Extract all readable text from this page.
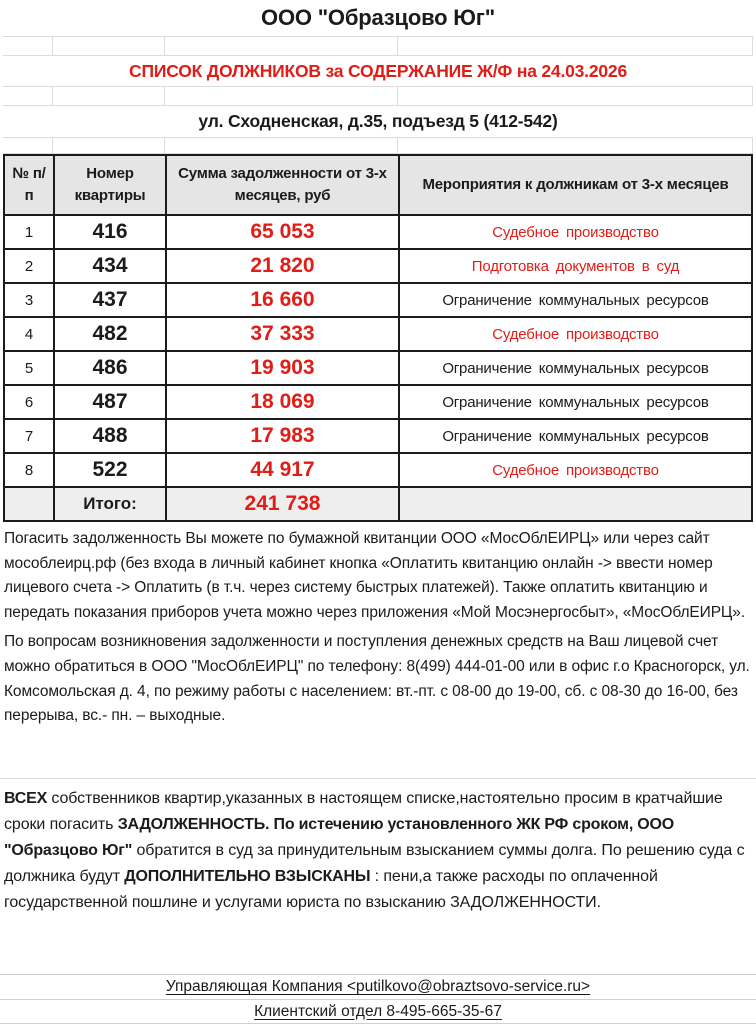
ООО "Образцово Юг"
СПИСОК ДОЛЖНИКОВ за СОДЕРЖАНИЕ Ж/Ф на 24.03.2026
ул. Сходненская, д.35, подъезд 5 (412-542)
№ п/п	Номер квартиры	Сумма задолженности от 3-х месяцев, руб	Мероприятия к должникам от 3-х месяцев
1	416	65 053	Судебное производство
2	434	21 820	Подготовка документов в суд
3	437	16 660	Ограничение коммунальных ресурсов
4	482	37 333	Судебное производство
5	486	19 903	Ограничение коммунальных ресурсов
6	487	18 069	Ограничение коммунальных ресурсов
7	488	17 983	Ограничение коммунальных ресурсов
8	522	44 917	Судебное производство
	Итого:	241 738	

Погасить задолженность Вы можете по бумажной квитанции ООО «МосОблЕИРЦ» или через сайт мособлеирц.рф (без входа в личный кабинет кнопка «Оплатить квитанцию онлайн -> ввести номер лицевого счета -> Оплатить (в т.ч. через систему быстрых платежей). Также оплатить квитанцию и передать показания приборов учета можно через приложения «Мой Мосэнергосбыт», «МосОблЕИРЦ».

По вопросам возникновения задолженности и поступления денежных средств на Ваш лицевой счет можно обратиться в ООО "МосОблЕИРЦ" по телефону: 8(499) 444-01-00 или в офис г.о Красногорск, ул. Комсомольская д. 4, по режиму работы с населением: вт.-пт. с 08-00 до 19-00, сб. с 08-30 до 16-00, без перерыва, вс.- пн. – выходные.

ВСЕХ собственников квартир,указанных в настоящем списке,настоятельно просим в кратчайшие сроки погасить ЗАДОЛЖЕННОСТЬ. По истечению установленного ЖК РФ сроком, ООО "Образцово Юг" обратится в суд за принудительным взысканием суммы долга. По решению суда с должника будут ДОПОЛНИТЕЛЬНО ВЗЫСКАНЫ : пени,а также расходы по оплаченной государственной пошлине и услугами юриста по взысканию ЗАДОЛЖЕННОСТИ.

Управляющая Компания <putilkovo@obraztsovo-service.ru>
Клиентский отдел 8-495-665-35-67
